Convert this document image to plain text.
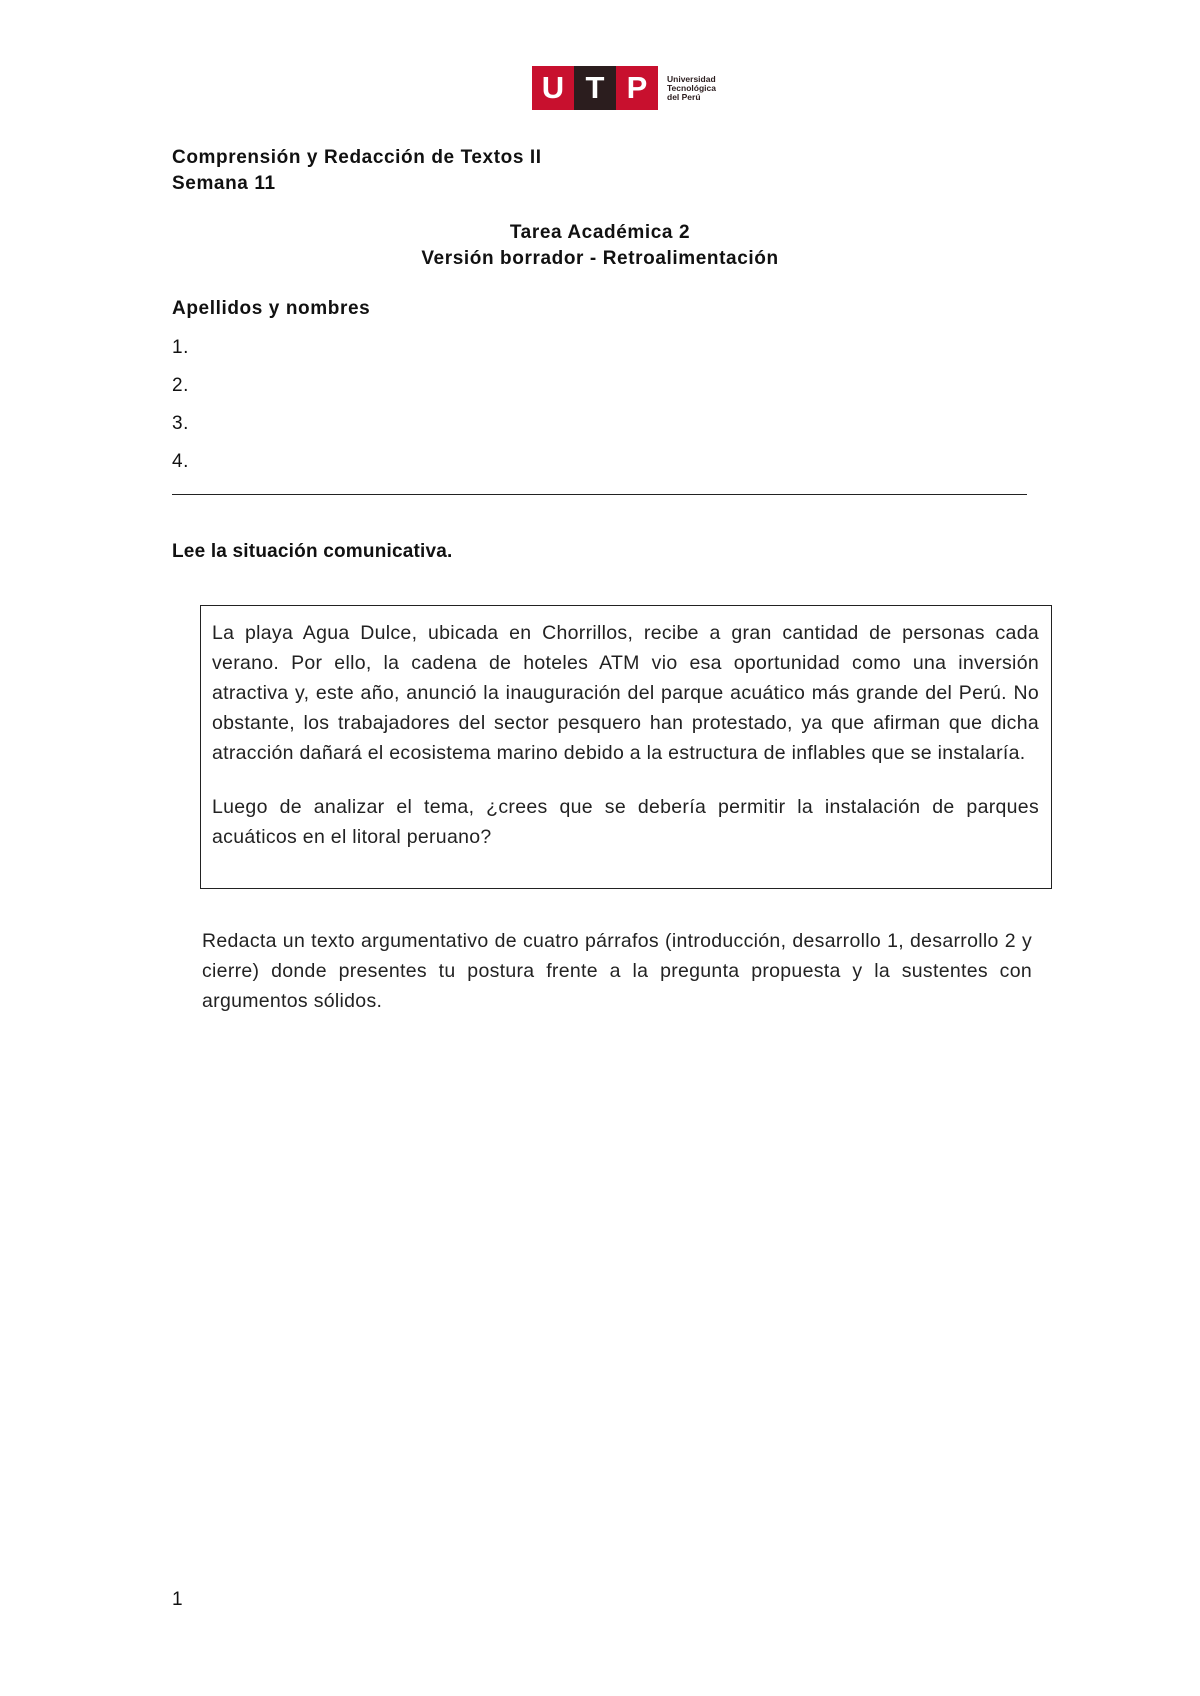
U T P	Universidad
Tecnológica
del Perú
Comprensión y Redacción de Textos II
Semana 11
Tarea Académica 2
Versión borrador - Retroalimentación
Apellidos y nombres
1.
2.
3.
4.
Lee la situación comunicativa.

La playa Agua Dulce, ubicada en Chorrillos, recibe a gran cantidad de personas cada verano. Por ello, la cadena de hoteles ATM vio esa oportunidad como una inversión atractiva y, este año, anunció la inauguración del parque acuático más grande del Perú. No obstante, los trabajadores del sector pesquero han protestado, ya que afirman que dicha atracción dañará el ecosistema marino debido a la estructura de inflables que se instalaría.

Luego de analizar el tema, ¿crees que se debería permitir la instalación de parques acuáticos en el litoral peruano?

Redacta un texto argumentativo de cuatro párrafos (introducción, desarrollo 1, desarrollo 2 y cierre) donde presentes tu postura frente a la pregunta propuesta y la sustentes con argumentos sólidos.

1
